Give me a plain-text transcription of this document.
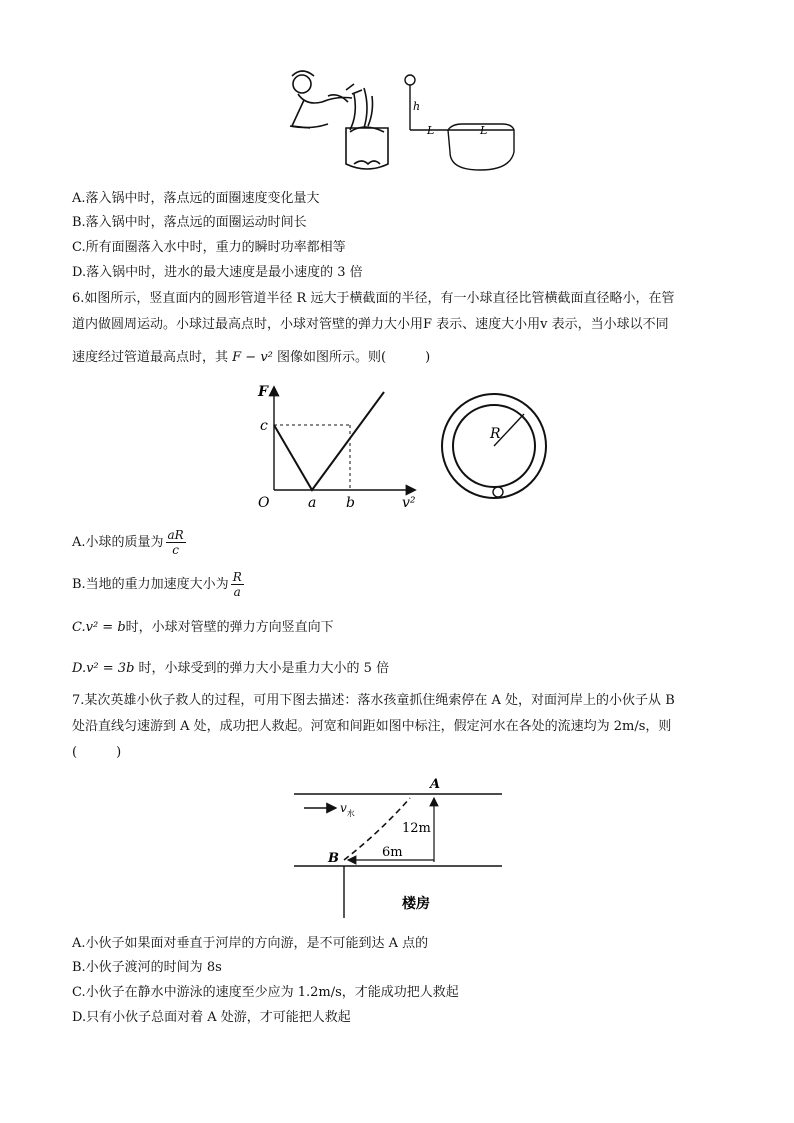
h
L	L
A.落入锅中时，落点远的面圈速度变化量大
B.落入锅中时，落点远的面圈运动时间长
C.所有面圈落入水中时，重力的瞬时功率都相等
D.落入锅中时，进水的最大速度是最小速度的 3 倍
6.如图所示，竖直面内的圆形管道半径 R 远大于横截面的半径，有一小球直径比管横截面直径略小，在管
道内做圆周运动。小球过最高点时，小球对管壁的弹力大小用F 表示、速度大小用v 表示，当小球以不同
速度经过管道最高点时，其 F − v² 图像如图所示。则(　　　)
F
c
O	a b	v²
R
A.小球的质量为 $\frac{aR}{c}$
B.当地的重力加速度大小为 $\frac{R}{a}$
C.v² = b时，小球对管壁的弹力方向竖直向下
D.v² = 3b 时，小球受到的弹力大小是重力大小的 5 倍
7.某次英雄小伙子救人的过程，可用下图去描述：落水孩童抓住绳索停在 A 处，对面河岸上的小伙子从 B
处沿直线匀速游到 A 处，成功把人救起。河宽和间距如图中标注，假定河水在各处的流速均为 2m/s，则
(　　　)
A
B
$v_水$
12m
6m
楼房
A.小伙子如果面对垂直于河岸的方向游，是不可能到达 A 点的
B.小伙子渡河的时间为 8s
C.小伙子在静水中游泳的速度至少应为 1.2m/s，才能成功把人救起
D.只有小伙子总面对着 A 处游，才可能把人救起
